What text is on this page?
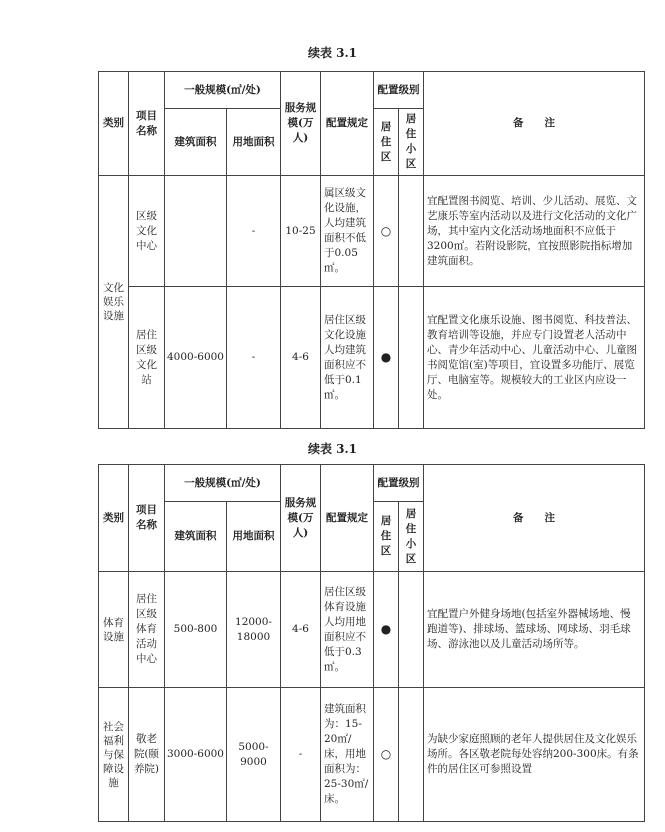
续表 3.1
类别	项目名称	一般规模(㎡/处)		服务规模(万人)	配置规定	配置级别		备　　注
		建筑面积	用地面积			居住区	居住小区	
文化娱乐设施	区级文化中心		-	10-25	属区级文化设施，人均建筑面积不低于0.05㎡。	○		宜配置图书阅览、培训、少儿活动、展览、文艺康乐等室内活动以及进行文化活动的文化广场，其中室内文化活动场地面积不应低于3200㎡。若附设影院，宜按照影院指标增加建筑面积。
	居住区级文化站	4000-6000	-	4-6	居住区级文化设施人均建筑面积应不低于0.1㎡。	●		宜配置文化康乐设施、图书阅览、科技普法、教育培训等设施，并应专门设置老人活动中心、青少年活动中心、儿童活动中心、儿童图书阅览馆(室)等项目，宜设置多功能厅、展览厅、电脑室等。规模较大的工业区内应设一处。
续表 3.1
类别	项目名称	一般规模(㎡/处)		服务规模(万人)	配置规定	配置级别		备　　注
		建筑面积	用地面积			居住区	居住小区	
体育设施	居住区级体育活动中心	500-800	12000-18000	4-6	居住区级体育设施人均用地面积应不低于0.3㎡。	●		宜配置户外健身场地(包括室外器械场地、慢跑道等)、排球场、篮球场、网球场、羽毛球场、游泳池以及儿童活动场所等。
社会福利与保障设施	敬老院(颐养院)	3000-6000	5000-9000	-	建筑面积为：15-20㎡/床，用地面积为：25-30㎡/床。	○		为缺少家庭照顾的老年人提供居住及文化娱乐场所。各区敬老院每处容纳200-300床。有条件的居住区可参照设置
